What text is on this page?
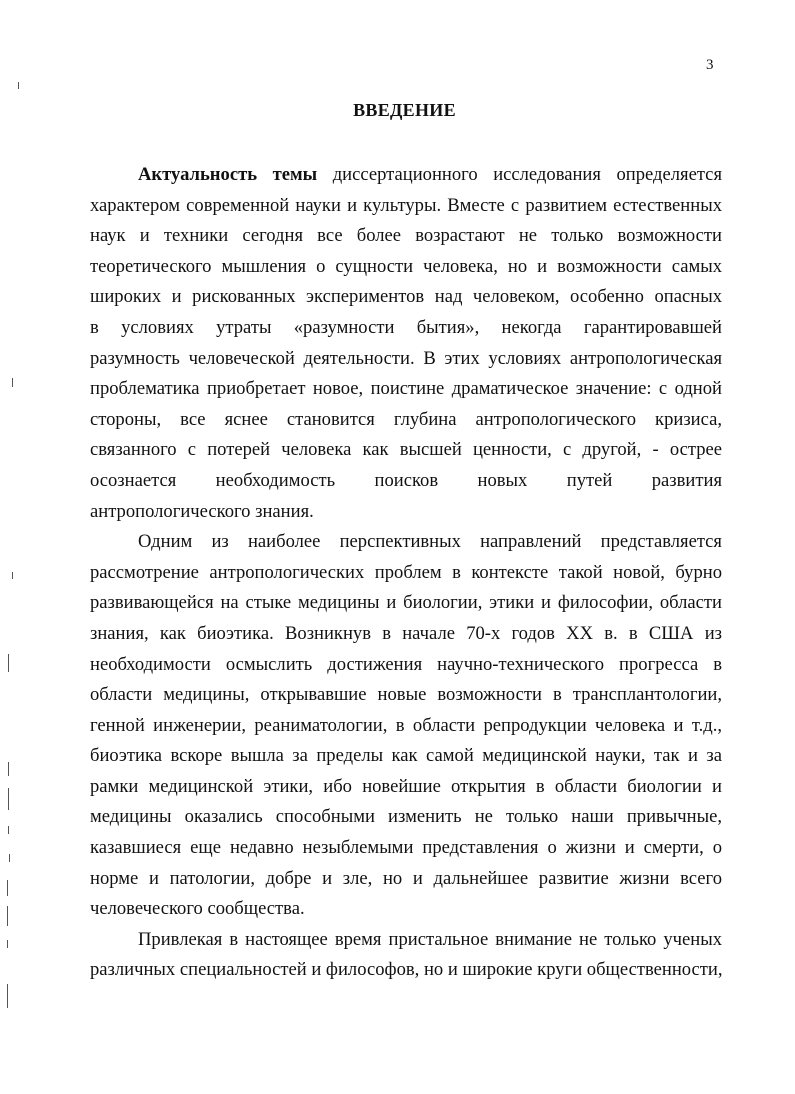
3
ВВЕДЕНИЕ
Актуальность темы диссертационного исследования определяется
характером современной науки и культуры. Вместе с развитием естественных
наук и техники сегодня все более возрастают не только возможности
теоретического мышления о сущности человека, но и возможности самых
широких и рискованных экспериментов над человеком, особенно опасных
в условиях утраты «разумности бытия», некогда гарантировавшей
разумность человеческой деятельности. В этих условиях антропологическая
проблематика приобретает новое, поистине драматическое значение: с одной
стороны, все яснее становится глубина антропологического кризиса,
связанного с потерей человека как высшей ценности, с другой, - острее
осознается необходимость поисков новых путей развития
антропологического знания.
Одним из наиболее перспективных направлений представляется
рассмотрение антропологических проблем в контексте такой новой, бурно
развивающейся на стыке медицины и биологии, этики и философии, области
знания, как биоэтика. Возникнув в начале 70-х годов XX в. в США из
необходимости осмыслить достижения научно-технического прогресса в
области медицины, открывавшие новые возможности в трансплантологии,
генной инженерии, реаниматологии, в области репродукции человека и т.д.,
биоэтика вскоре вышла за пределы как самой медицинской науки, так и за
рамки медицинской этики, ибо новейшие открытия в области биологии и
медицины оказались способными изменить не только наши привычные,
казавшиеся еще недавно незыблемыми представления о жизни и смерти, о
норме и патологии, добре и зле, но и дальнейшее развитие жизни всего
человеческого сообщества.
Привлекая в настоящее время пристальное внимание не только ученых
различных специальностей и философов, но и широкие круги общественности,
